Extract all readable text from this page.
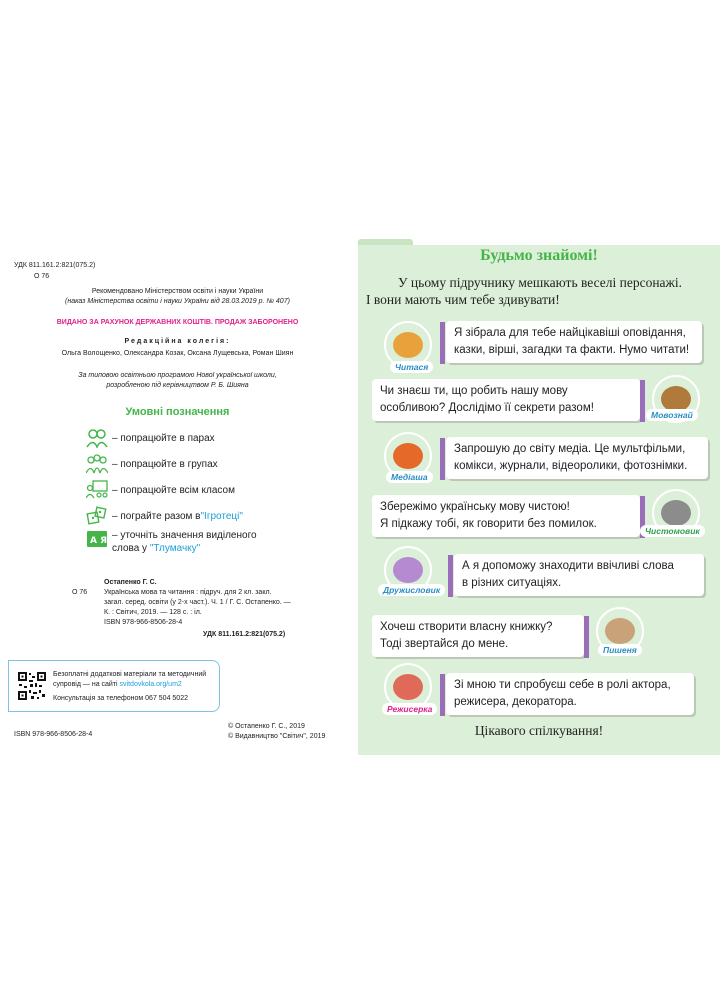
УДК 811.161.2:821(075.2)
О 76
Рекомендовано Міністерством освіти і науки України
(наказ Міністерства освіти і науки України від 28.03.2019 р. № 407)
ВИДАНО ЗА РАХУНОК ДЕРЖАВНИХ КОШТІВ. ПРОДАЖ ЗАБОРОНЕНО
Редакційна колегія:
Ольга Волощенко, Олександра Козак, Оксана Лущевська, Роман Шиян
За типовою освітньою програмою Нової української школи,
розробленою під керівництвом Р. Б. Шияна
Умовні позначення
– попрацюйте в парах
– попрацюйте в групах
– попрацюйте всім класом
– пограйте разом в "Ігротеці"
А Я – уточніть значення виділеного
слова у "Тлумачку"
Остапенко Г. С.
О 76 Українська мова та читання : підруч. для 2 кл. закл.
загал. серед. освіти (у 2-х част.). Ч. 1 / Г. С. Остапенко. —
К. : Світич, 2019. — 128 с. : іл.
ISBN 978-966-8506-28-4
УДК 811.161.2:821(075.2)
Безоплатні додаткові матеріали та методичний
супровід — на сайті svitdovkola.org/um2
Консультація за телефоном 067 504 5022
ISBN 978-966-8506-28-4
© Остапенко Г. С., 2019
© Видавництво "Світич", 2019
Будьмо знайомі!
У цьому підручнику мешкають веселі персонажі.
І вони мають чим тебе здивувати!
Читася
Я зібрала для тебе найцікавіші оповідання,
казки, вірші, загадки та факти. Нумо читати!
Чи знаєш ти, що робить нашу мову
особливою? Дослідімо її секрети разом!
Мовознай
Медіаша
Запрошую до світу медіа. Це мультфільми,
комікси, журнали, відеоролики, фотознімки.
Збережімо українську мову чистою!
Я підкажу тобі, як говорити без помилок.
Чистомовик
Дружисловик
А я допоможу знаходити ввічливі слова
в різних ситуаціях.
Хочеш створити власну книжку?
Тоді звертайся до мене.	Пишеня
Режисерка
Зі мною ти спробуєш себе в ролі актора,
режисера, декоратора.
Цікавого спілкування!
